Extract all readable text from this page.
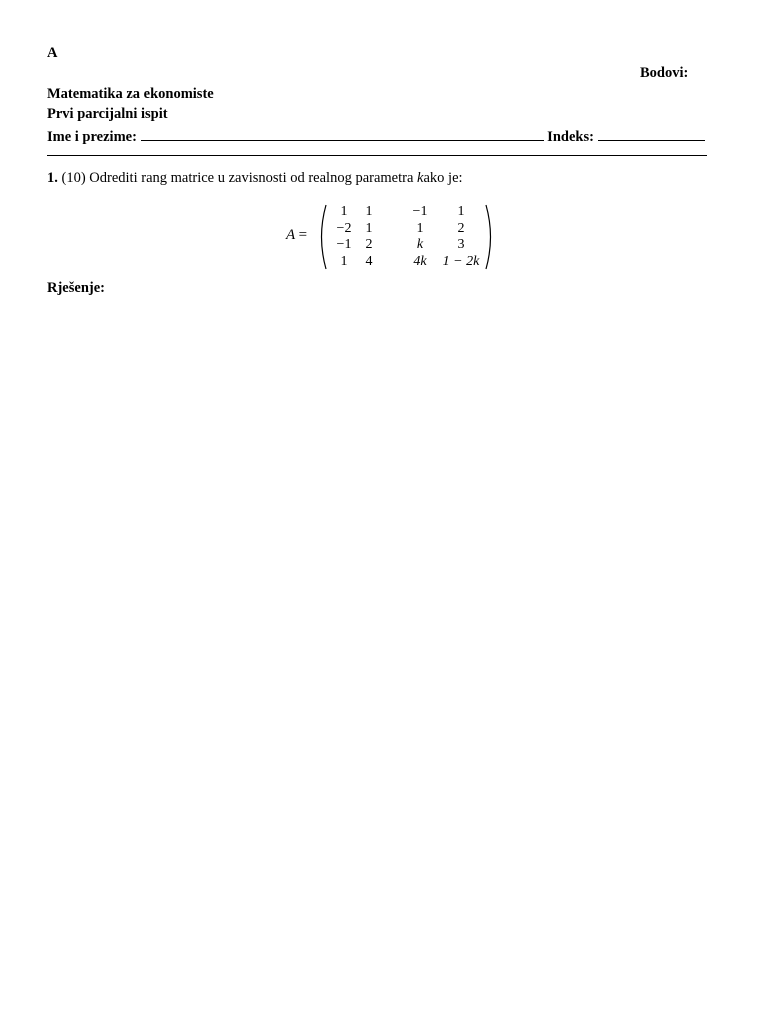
A
Bodovi:
Matematika za ekonomiste
Prvi parcijalni ispit
Ime i prezime:	Indeks:
1. (10) Odrediti rang matrice u zavisnosti od realnog parametra kako je:
A =
1	1	−1	1
−2	1	1	2
−1	2	k	3
1	4	4k	1 − 2k
Rješenje:
